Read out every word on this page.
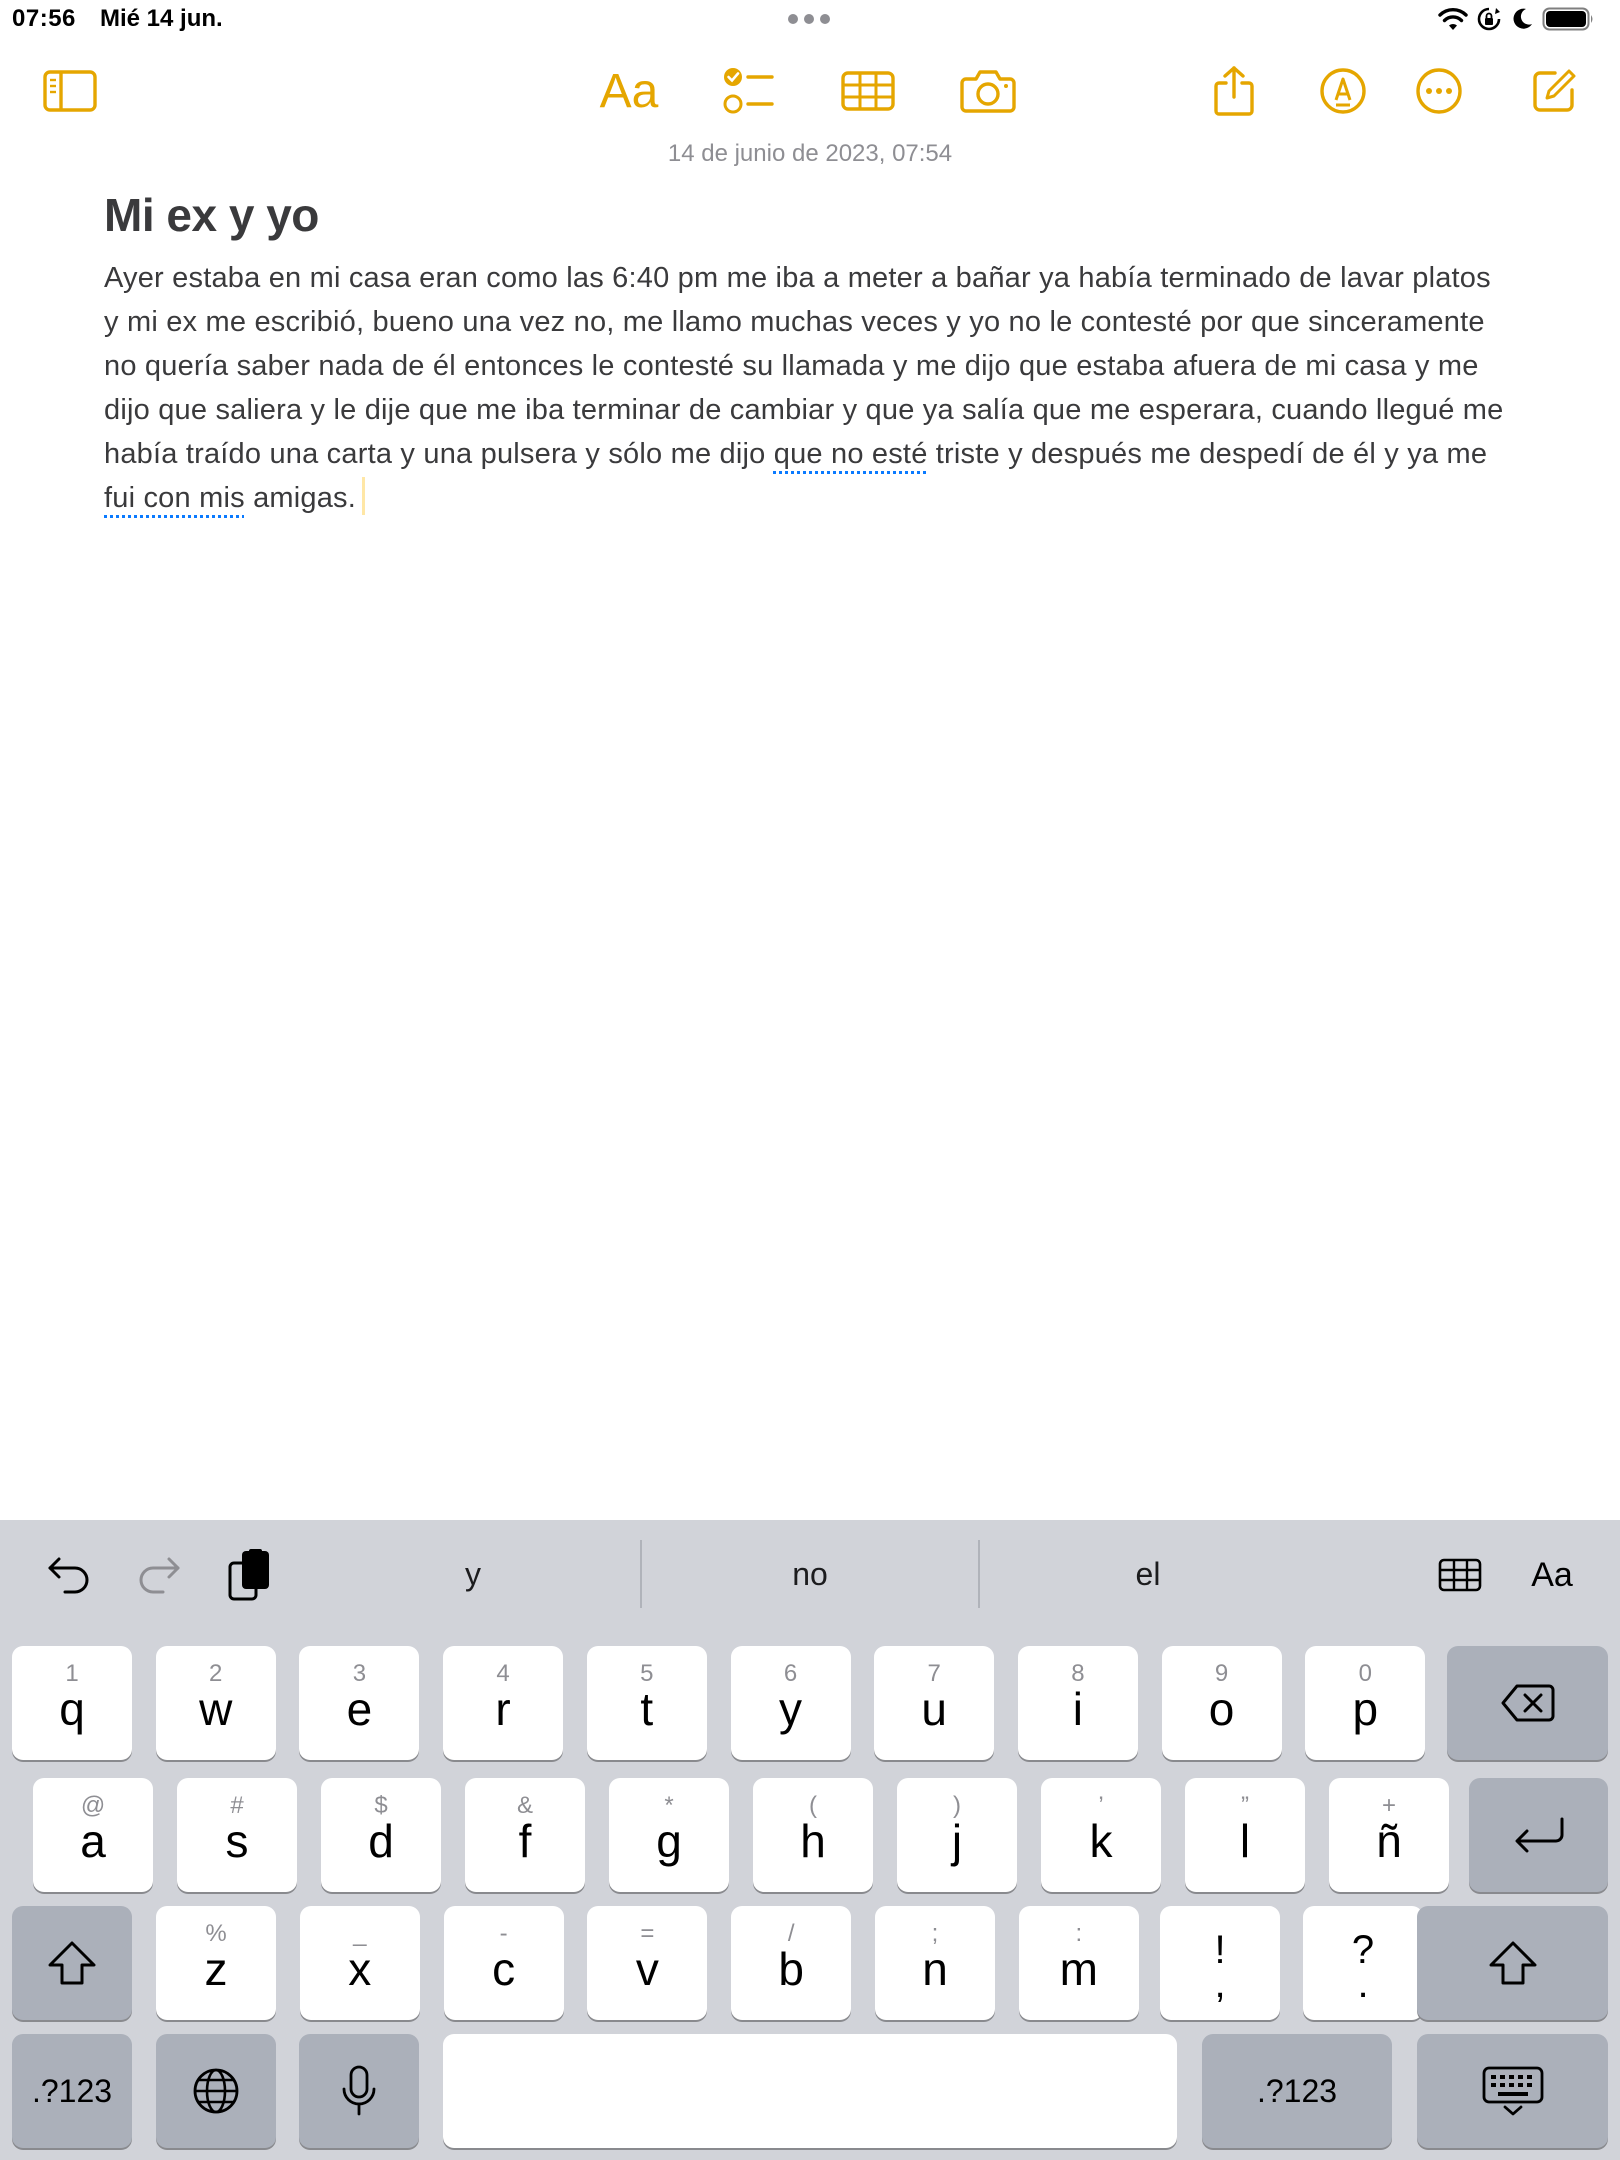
07:56 Mié 14 jun.
Aa
14 de junio de 2023, 07:54
Mi ex y yo
Ayer estaba en mi casa eran como las 6:40 pm me iba a meter a bañar ya había terminado de lavar platos y mi ex me escribió, bueno una vez no, me llamo muchas veces y yo no le contesté por que sinceramente no quería saber nada de él entonces le contesté su llamada y me dijo que estaba afuera de mi casa y me dijo que saliera y le dije que me iba terminar de cambiar y que ya salía que me esperara, cuando llegué me había traído una carta y una pulsera y sólo me dijo que no esté triste y después me despedí de él y ya me fui con mis amigas.
y	no	el	Aa
1
q
2
w
3
e
4
r
5
t
6
y
7
u
8
i
9
o
0
p
@
a
#
s
$
d
&
f
*
g
(
h
)
j
’
k
”
l
+
ñ
%
z
_
x
-
c
=
v
/
b
;
n
:
m	!
,
?
.
.?123	.?123
